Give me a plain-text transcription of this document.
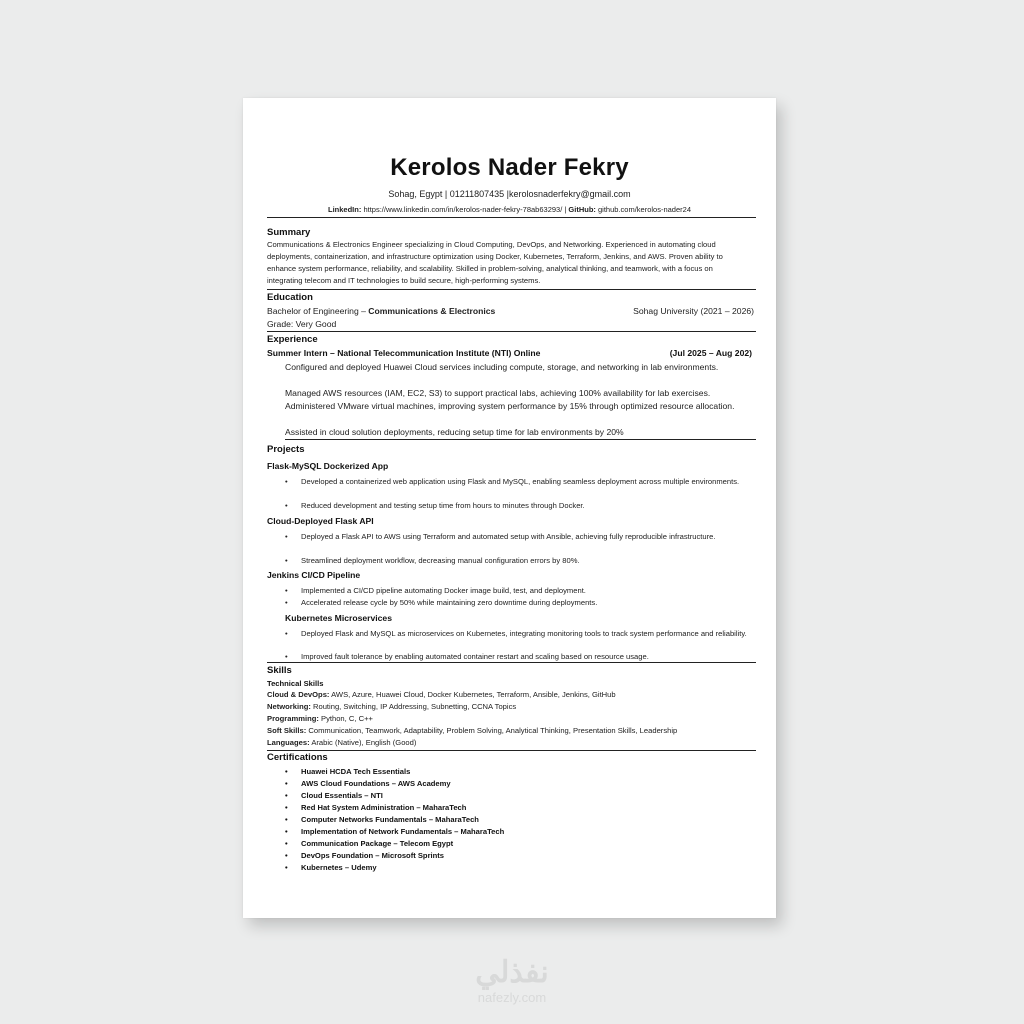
Kerolos Nader Fekry
Sohag, Egypt | 01211807435 |kerolosnaderfekry@gmail.com
LinkedIn: https://www.linkedin.com/in/kerolos-nader-fekry-78ab63293/ | GitHub: github.com/kerolos-nader24
Summary
Communications & Electronics Engineer specializing in Cloud Computing, DevOps, and Networking. Experienced in automating cloud deployments, containerization, and infrastructure optimization using Docker, Kubernetes, Terraform, Jenkins, and AWS. Proven ability to enhance system performance, reliability, and scalability. Skilled in problem-solving, analytical thinking, and teamwork, with a focus on integrating telecom and IT technologies to build secure, high-performing systems.
Education
Bachelor of Engineering – Communications & Electronics	Sohag University (2021 – 2026)
Grade: Very Good
Experience
Summer Intern – National Telecommunication Institute (NTI) Online	(Jul 2025 – Aug 202)
Configured and deployed Huawei Cloud services including compute, storage, and networking in lab environments.
Managed AWS resources (IAM, EC2, S3) to support practical labs, achieving 100% availability for lab exercises.
Administered VMware virtual machines, improving system performance by 15% through optimized resource allocation.
Assisted in cloud solution deployments, reducing setup time for lab environments by 20%
Projects
Flask-MySQL Dockerized App
• Developed a containerized web application using Flask and MySQL, enabling seamless deployment across multiple environments.
• Reduced development and testing setup time from hours to minutes through Docker.
Cloud-Deployed Flask API
• Deployed a Flask API to AWS using Terraform and automated setup with Ansible, achieving fully reproducible infrastructure.
• Streamlined deployment workflow, decreasing manual configuration errors by 80%.
Jenkins CI/CD Pipeline
• Implemented a CI/CD pipeline automating Docker image build, test, and deployment.
• Accelerated release cycle by 50% while maintaining zero downtime during deployments.
Kubernetes Microservices
• Deployed Flask and MySQL as microservices on Kubernetes, integrating monitoring tools to track system performance and reliability.
• Improved fault tolerance by enabling automated container restart and scaling based on resource usage.
Skills
Technical Skills
Cloud & DevOps: AWS, Azure, Huawei Cloud, Docker Kubernetes, Terraform, Ansible, Jenkins, GitHub
Networking: Routing, Switching, IP Addressing, Subnetting, CCNA Topics
Programming: Python, C, C++
Soft Skills: Communication, Teamwork, Adaptability, Problem Solving, Analytical Thinking, Presentation Skills, Leadership
Languages: Arabic (Native), English (Good)
Certifications
• Huawei HCDA Tech Essentials
• AWS Cloud Foundations – AWS Academy
• Cloud Essentials – NTI
• Red Hat System Administration – MaharaTech
• Computer Networks Fundamentals – MaharaTech
• Implementation of Network Fundamentals – MaharaTech
• Communication Package – Telecom Egypt
• DevOps Foundation – Microsoft Sprints
• Kubernetes – Udemy
نفذلي
nafezly.com
